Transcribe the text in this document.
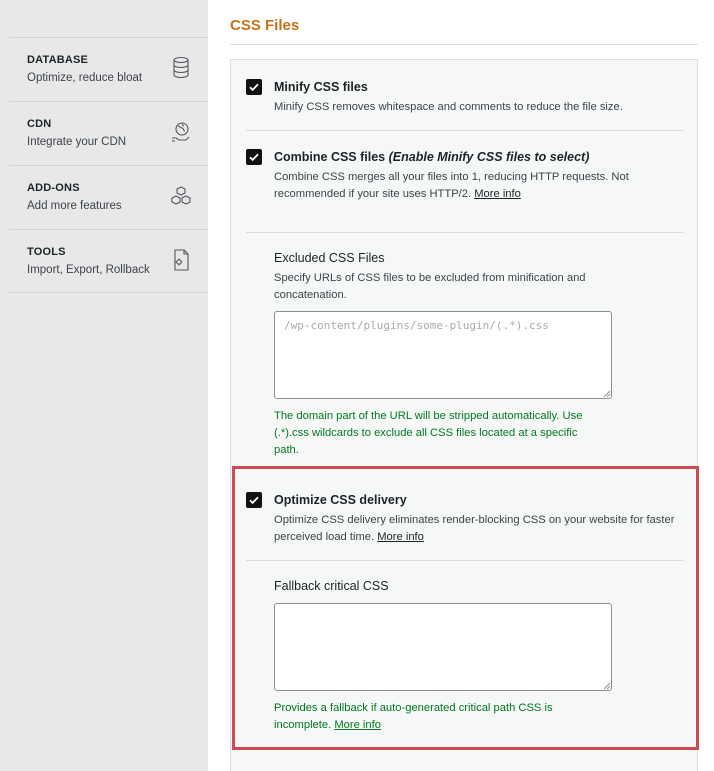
DATABASE
Optimize, reduce bloat
CDN
Integrate your CDN
ADD-ONS
Add more features
TOOLS
Import, Export, Rollback
CSS Files
Minify CSS files
Minify CSS removes whitespace and comments to reduce the file size.
Combine CSS files (Enable Minify CSS files to select)
Combine CSS merges all your files into 1, reducing HTTP requests. Not recommended if your site uses HTTP/2. More info
Excluded CSS Files
Specify URLs of CSS files to be excluded from minification and concatenation.
/wp-content/plugins/some-plugin/(.*).css
The domain part of the URL will be stripped automatically. Use (.*).css wildcards to exclude all CSS files located at a specific path.
Optimize CSS delivery
Optimize CSS delivery eliminates render-blocking CSS on your website for faster perceived load time. More info
Fallback critical CSS
Provides a fallback if auto-generated critical path CSS is incomplete. More info
